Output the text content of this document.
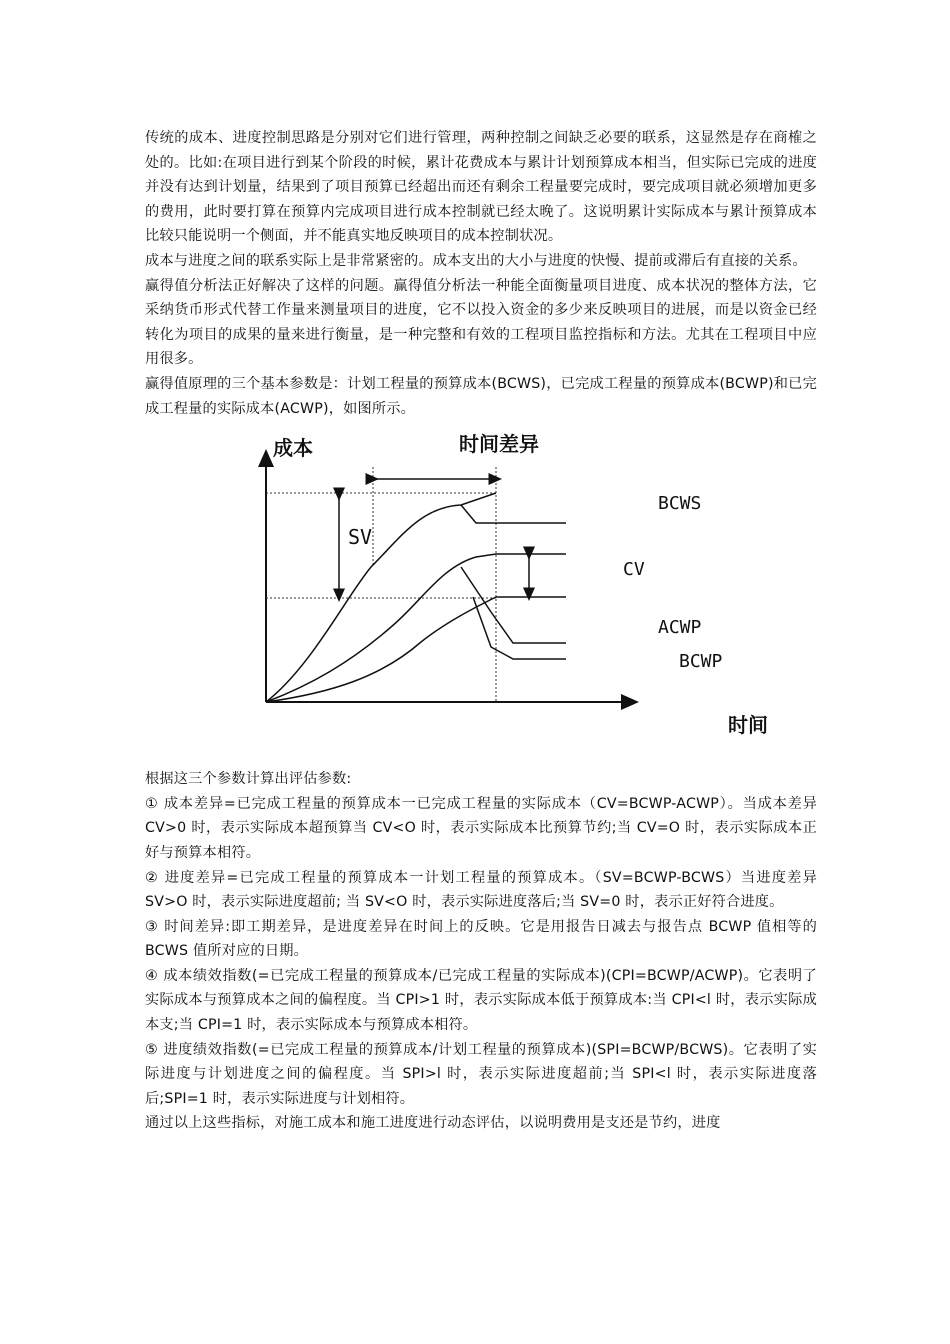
传统的成本、进度控制思路是分别对它们进行管理，两种控制之间缺乏必要的联系，这显然是存在商榷之处的。比如:在项目进行到某个阶段的时候，累计花费成本与累计计划预算成本相当，但实际已完成的进度并没有达到计划量，结果到了项目预算已经超出而还有剩余工程量要完成时，要完成项目就必须增加更多的费用，此时要打算在预算内完成项目进行成本控制就已经太晚了。这说明累计实际成本与累计预算成本比较只能说明一个侧面，并不能真实地反映项目的成本控制状况。

成本与进度之间的联系实际上是非常紧密的。成本支出的大小与进度的快慢、提前或滞后有直接的关系。

赢得值分析法正好解决了这样的问题。赢得值分析法一种能全面衡量项目进度、成本状况的整体方法，它采纳货币形式代替工作量来测量项目的进度，它不以投入资金的多少来反映项目的进展，而是以资金已经转化为项目的成果的量来进行衡量，是一种完整和有效的工程项目监控指标和方法。尤其在工程项目中应用很多。

赢得值原理的三个基本参数是：计划工程量的预算成本(BCWS)，已完成工程量的预算成本(BCWP)和已完成工程量的实际成本(ACWP)，如图所示。

成本	时间差异
SV
BCWS
CV
ACWP
BCWP
时间

根据这三个参数计算出评估参数:

① 成本差异=已完成工程量的预算成本一已完成工程量的实际成本（CV=BCWP-ACWP）。当成本差异 CV>0 时，表示实际成本超预算当 CV<O 时，表示实际成本比预算节约;当 CV=O 时，表示实际成本正好与预算本相符。

② 进度差异=已完成工程量的预算成本一计划工程量的预算成本。（SV=BCWP-BCWS）当进度差异 SV>O 时，表示实际进度超前; 当 SV<O 时，表示实际进度落后;当 SV=0 时，表示正好符合进度。

③ 时间差异:即工期差异，是进度差异在时间上的反映。它是用报告日减去与报告点 BCWP 值相等的 BCWS 值所对应的日期。

④ 成本绩效指数(=已完成工程量的预算成本/已完成工程量的实际成本)(CPI=BCWP/ACWP)。它表明了实际成本与预算成本之间的偏程度。当 CPI>1 时，表示实际成本低于预算成本:当 CPI<l 时，表示实际成本支;当 CPI=1 时，表示实际成本与预算成本相符。

⑤ 进度绩效指数(=已完成工程量的预算成本/计划工程量的预算成本)(SPI=BCWP/BCWS)。它表明了实际进度与计划进度之间的偏程度。当 SPI>l 时，表示实际进度超前;当 SPI<l 时，表示实际进度落后;SPI=1 时，表示实际进度与计划相符。

通过以上这些指标，对施工成本和施工进度进行动态评估，以说明费用是支还是节约，进度
